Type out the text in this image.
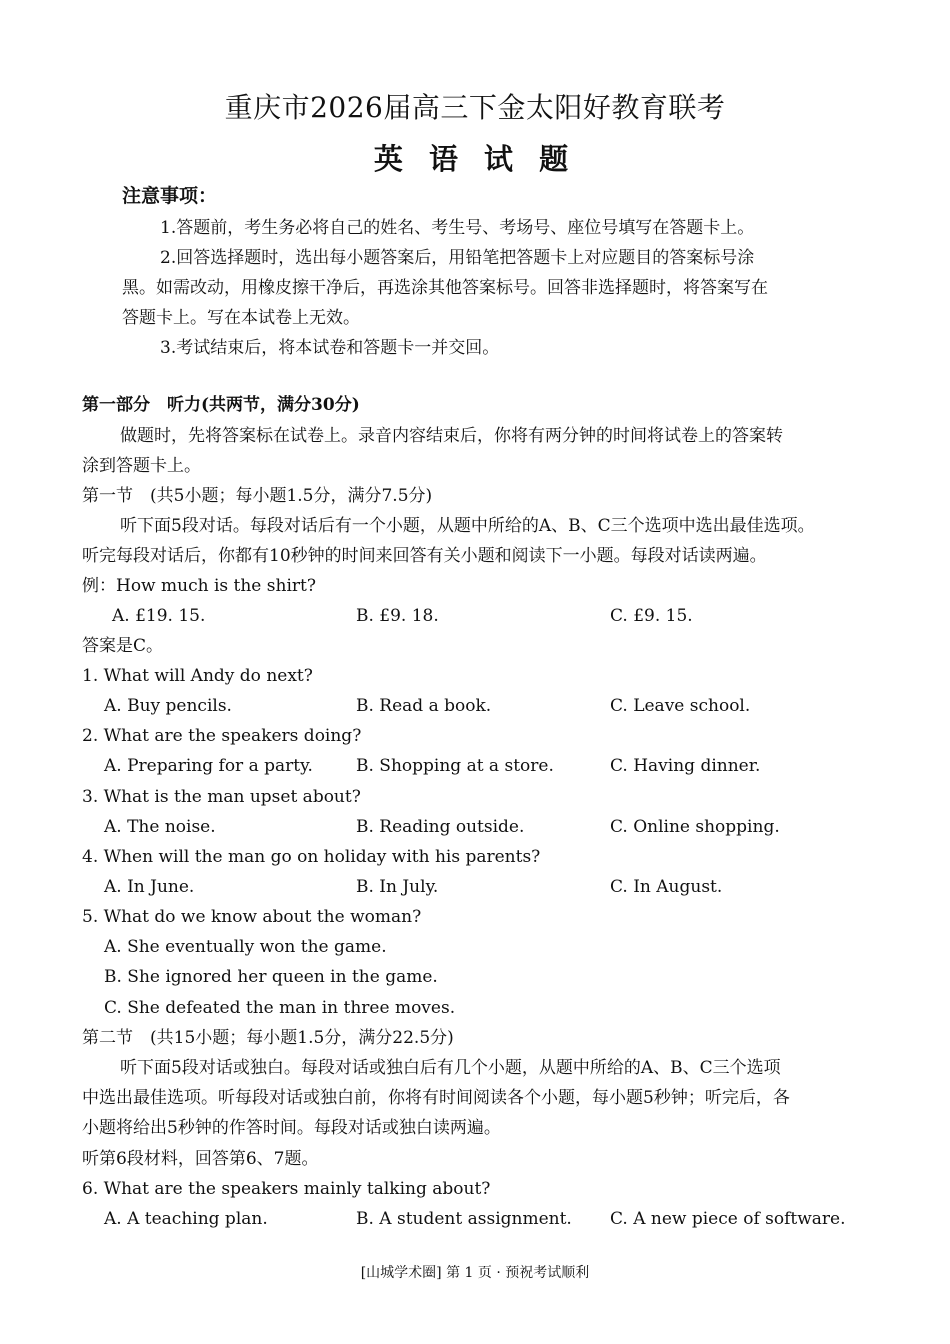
重庆市2026届高三下金太阳好教育联考
英 语 试 题
注意事项：
1.答题前，考生务必将自己的姓名、考生号、考场号、座位号填写在答题卡上。
2.回答选择题时，选出每小题答案后，用铅笔把答题卡上对应题目的答案标号涂
黑。如需改动，用橡皮擦干净后，再选涂其他答案标号。回答非选择题时，将答案写在
答题卡上。写在本试卷上无效。
3.考试结束后，将本试卷和答题卡一并交回。
第一部分　听力(共两节，满分30分)
做题时，先将答案标在试卷上。录音内容结束后，你将有两分钟的时间将试卷上的答案转
涂到答题卡上。
第一节　(共5小题；每小题1.5分，满分7.5分)
听下面5段对话。每段对话后有一个小题，从题中所给的A、B、C三个选项中选出最佳选项。
听完每段对话后，你都有10秒钟的时间来回答有关小题和阅读下一小题。每段对话读两遍。
例：How much is the shirt?
A. £19. 15.	B. £9. 18.	C. £9. 15.
答案是C。
1. What will Andy do next?
A. Buy pencils.	B. Read a book.	C. Leave school.
2. What are the speakers doing?
A. Preparing for a party.	B. Shopping at a store.	C. Having dinner.
3. What is the man upset about?
A. The noise.	B. Reading outside.	C. Online shopping.
4. When will the man go on holiday with his parents?
A. In June.	B. In July.	C. In August.
5. What do we know about the woman?
A. She eventually won the game.
B. She ignored her queen in the game.
C. She defeated the man in three moves.
第二节　(共15小题；每小题1.5分，满分22.5分)
听下面5段对话或独白。每段对话或独白后有几个小题，从题中所给的A、B、C三个选项
中选出最佳选项。听每段对话或独白前，你将有时间阅读各个小题，每小题5秒钟；听完后，各
小题将给出5秒钟的作答时间。每段对话或独白读两遍。
听第6段材料，回答第6、7题。
6. What are the speakers mainly talking about?
A. A teaching plan.	B. A student assignment. C. A new piece of software.
[山城学术圈] 第 1 页 · 预祝考试顺利
